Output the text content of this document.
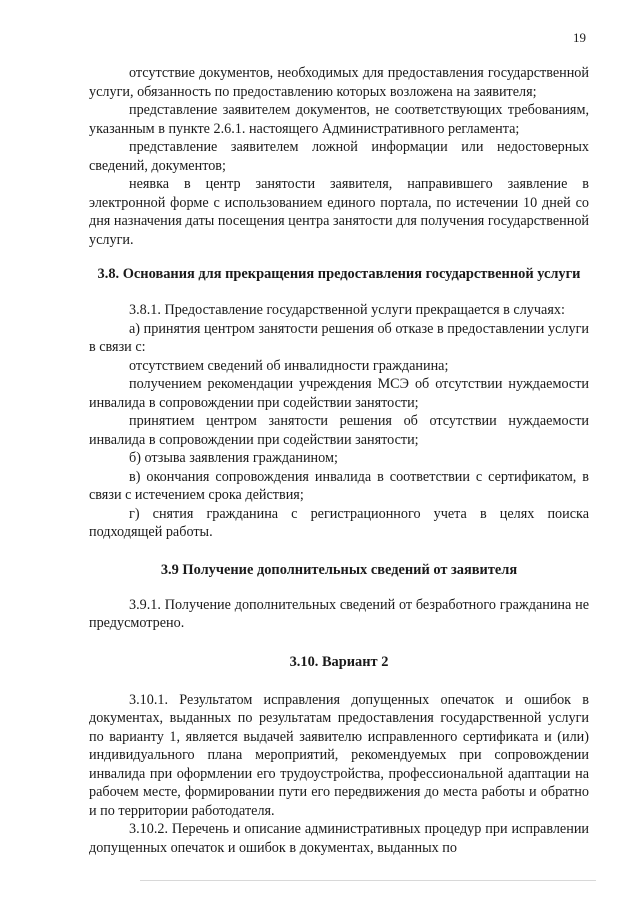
19

отсутствие документов, необходимых для предоставления государственной услуги, обязанность по предоставлению которых возложена на заявителя;

представление заявителем документов, не соответствующих требованиям, указанным в пункте 2.6.1. настоящего Административного регламента;

представление заявителем ложной информации или недостоверных сведений, документов;

неявка в центр занятости заявителя, направившего заявление в электронной форме с использованием единого портала, по истечении 10 дней со дня назначения даты посещения центра занятости для получения государственной услуги.

3.8. Основания для прекращения предоставления государственной услуги

3.8.1. Предоставление государственной услуги прекращается в случаях:

а) принятия центром занятости решения об отказе в предоставлении услуги в связи с:

отсутствием сведений об инвалидности гражданина;

получением рекомендации учреждения МСЭ об отсутствии нуждаемости инвалида в сопровождении при содействии занятости;

принятием центром занятости решения об отсутствии нуждаемости инвалида в сопровождении при содействии занятости;

б) отзыва заявления гражданином;

в) окончания сопровождения инвалида в соответствии с сертификатом, в связи с истечением срока действия;

г) снятия гражданина с регистрационного учета в целях поиска подходящей работы.

3.9 Получение дополнительных сведений от заявителя

3.9.1. Получение дополнительных сведений от безработного гражданина не предусмотрено.

3.10. Вариант 2

3.10.1. Результатом исправления допущенных опечаток и ошибок в документах, выданных по результатам предоставления государственной услуги по варианту 1, является выдачей заявителю исправленного сертификата и (или) индивидуального плана мероприятий, рекомендуемых при сопровождении инвалида при оформлении его трудоустройства, профессиональной адаптации на рабочем месте, формировании пути его передвижения до места работы и обратно и по территории работодателя.

3.10.2. Перечень и описание административных процедур при исправлении допущенных опечаток и ошибок в документах, выданных по
